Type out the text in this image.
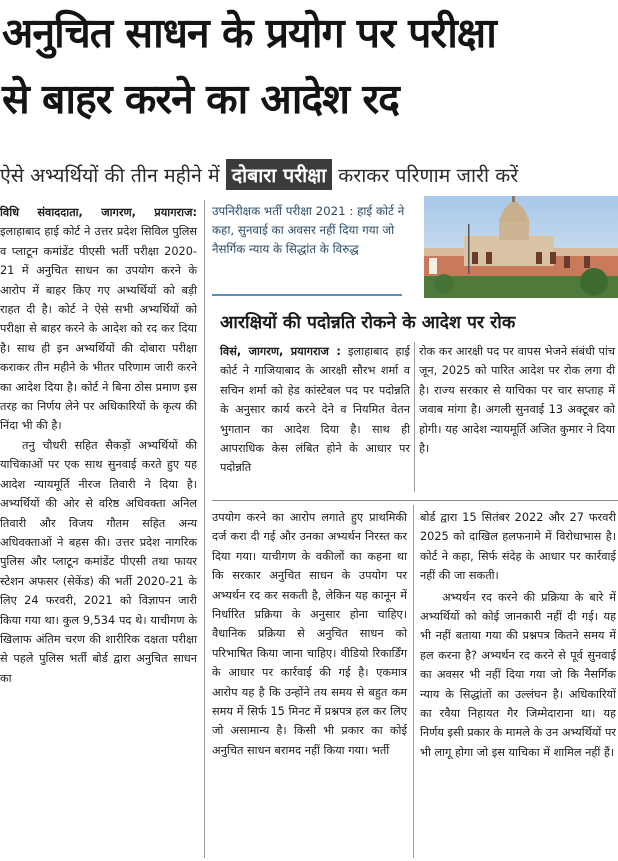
अनुचित साधन के प्रयोग पर परीक्षा
से बाहर करने का आदेश रद
ऐसे अभ्यर्थियों की तीन महीने में दोबारा परीक्षा कराकर परिणाम जारी करें

विधि संवाददाता, जागरण, प्रयागराज: इलाहाबाद हाई कोर्ट ने उत्तर प्रदेश सिविल पुलिस व प्लाटून कमांडेंट पीएसी भर्ती परीक्षा 2020-21 में अनुचित साधन का उपयोग करने के आरोप में बाहर किए गए अभ्यर्थियों को बड़ी राहत दी है। कोर्ट ने ऐसे सभी अभ्यर्थियों को परीक्षा से बाहर करने के आदेश को रद कर दिया है। साथ ही इन अभ्यर्थियों की दोबारा परीक्षा कराकर तीन महीने के भीतर परिणाम जारी करने का आदेश दिया है। कोर्ट ने बिना ठोस प्रमाण इस तरह का निर्णय लेने पर अधिकारियों के कृत्य की निंदा भी की है।

तनु चौधरी सहित सैकड़ों अभ्यर्थियों की याचिकाओं पर एक साथ सुनवाई करते हुए यह आदेश न्यायमूर्ति नीरज तिवारी ने दिया है। अभ्यर्थियों की ओर से वरिष्ठ अधिवक्ता अनिल तिवारी और विजय गौतम सहित अन्य अधिवक्ताओं ने बहस की। उत्तर प्रदेश नागरिक पुलिस और प्लाटून कमांडेंट पीएसी तथा फायर स्टेशन अफसर (सेकेंड) की भर्ती 2020-21 के लिए 24 फरवरी, 2021 को विज्ञापन जारी किया गया था। कुल 9,534 पद थे। याचीगण के खिलाफ अंतिम चरण की शारीरिक दक्षता परीक्षा से पहले पुलिस भर्ती बोर्ड द्वारा अनुचित साधन का

उपनिरीक्षक भर्ती परीक्षा 2021 : हाई कोर्ट ने कहा, सुनवाई का अवसर नहीं दिया गया जो नैसर्गिक न्याय के सिद्धांत के विरुद्ध
आरक्षियों की पदोन्नति रोकने के आदेश पर रोक
विसं, जागरण, प्रयागराज : इलाहाबाद हाई कोर्ट ने गाजियाबाद के आरक्षी सौरभ शर्मा व सचिन शर्मा को हेड कांस्टेबल पद पर पदोन्नति के अनुसार कार्य करने देने व नियमित वेतन भुगतान का आदेश दिया है। साथ ही आपराधिक केस लंबित होने के आधार पर पदोन्नति
रोक कर आरक्षी पद पर वापस भेजने संबंधी पांच जून, 2025 को पारित आदेश पर रोक लगा दी है। राज्य सरकार से याचिका पर चार सप्ताह में जवाब मांगा है। अगली सुनवाई 13 अक्टूबर को होगी। यह आदेश न्यायमूर्ति अजित कुमार ने दिया है।

उपयोग करने का आरोप लगाते हुए प्राथमिकी दर्ज करा दी गई और उनका अभ्यर्थन निरस्त कर दिया गया। याचीगण के वकीलों का कहना था कि सरकार अनुचित साधन के उपयोग पर अभ्यर्थन रद कर सकती है, लेकिन यह कानून में निर्धारित प्रक्रिया के अनुसार होना चाहिए। वैधानिक प्रक्रिया से अनुचित साधन को परिभाषित किया जाना चाहिए। वीडियो रिकार्डिंग के आधार पर कार्रवाई की गई है। एकमात्र आरोप यह है कि उन्होंने तय समय से बहुत कम समय में सिर्फ 15 मिनट में प्रश्नपत्र हल कर लिए जो असामान्य है। किसी भी प्रकार का कोई अनुचित साधन बरामद नहीं किया गया। भर्ती

बोर्ड द्वारा 15 सितंबर 2022 और 27 फरवरी 2025 को दाखिल हलफनामे में विरोधाभास है। कोर्ट ने कहा, सिर्फ संदेह के आधार पर कार्रवाई नहीं की जा सकती।

अभ्यर्थन रद करने की प्रक्रिया के बारे में अभ्यर्थियों को कोई जानकारी नहीं दी गई। यह भी नहीं बताया गया की प्रश्नपत्र कितने समय में हल करना है? अभ्यर्थन रद करने से पूर्व सुनवाई का अवसर भी नहीं दिया गया जो कि नैसर्गिक न्याय के सिद्धांतों का उल्लंघन है। अधिकारियों का रवैया निहायत गैर जिम्मेदाराना था। यह निर्णय इसी प्रकार के मामले के उन अभ्यर्थियों पर भी लागू होगा जो इस याचिका में शामिल नहीं हैं।
